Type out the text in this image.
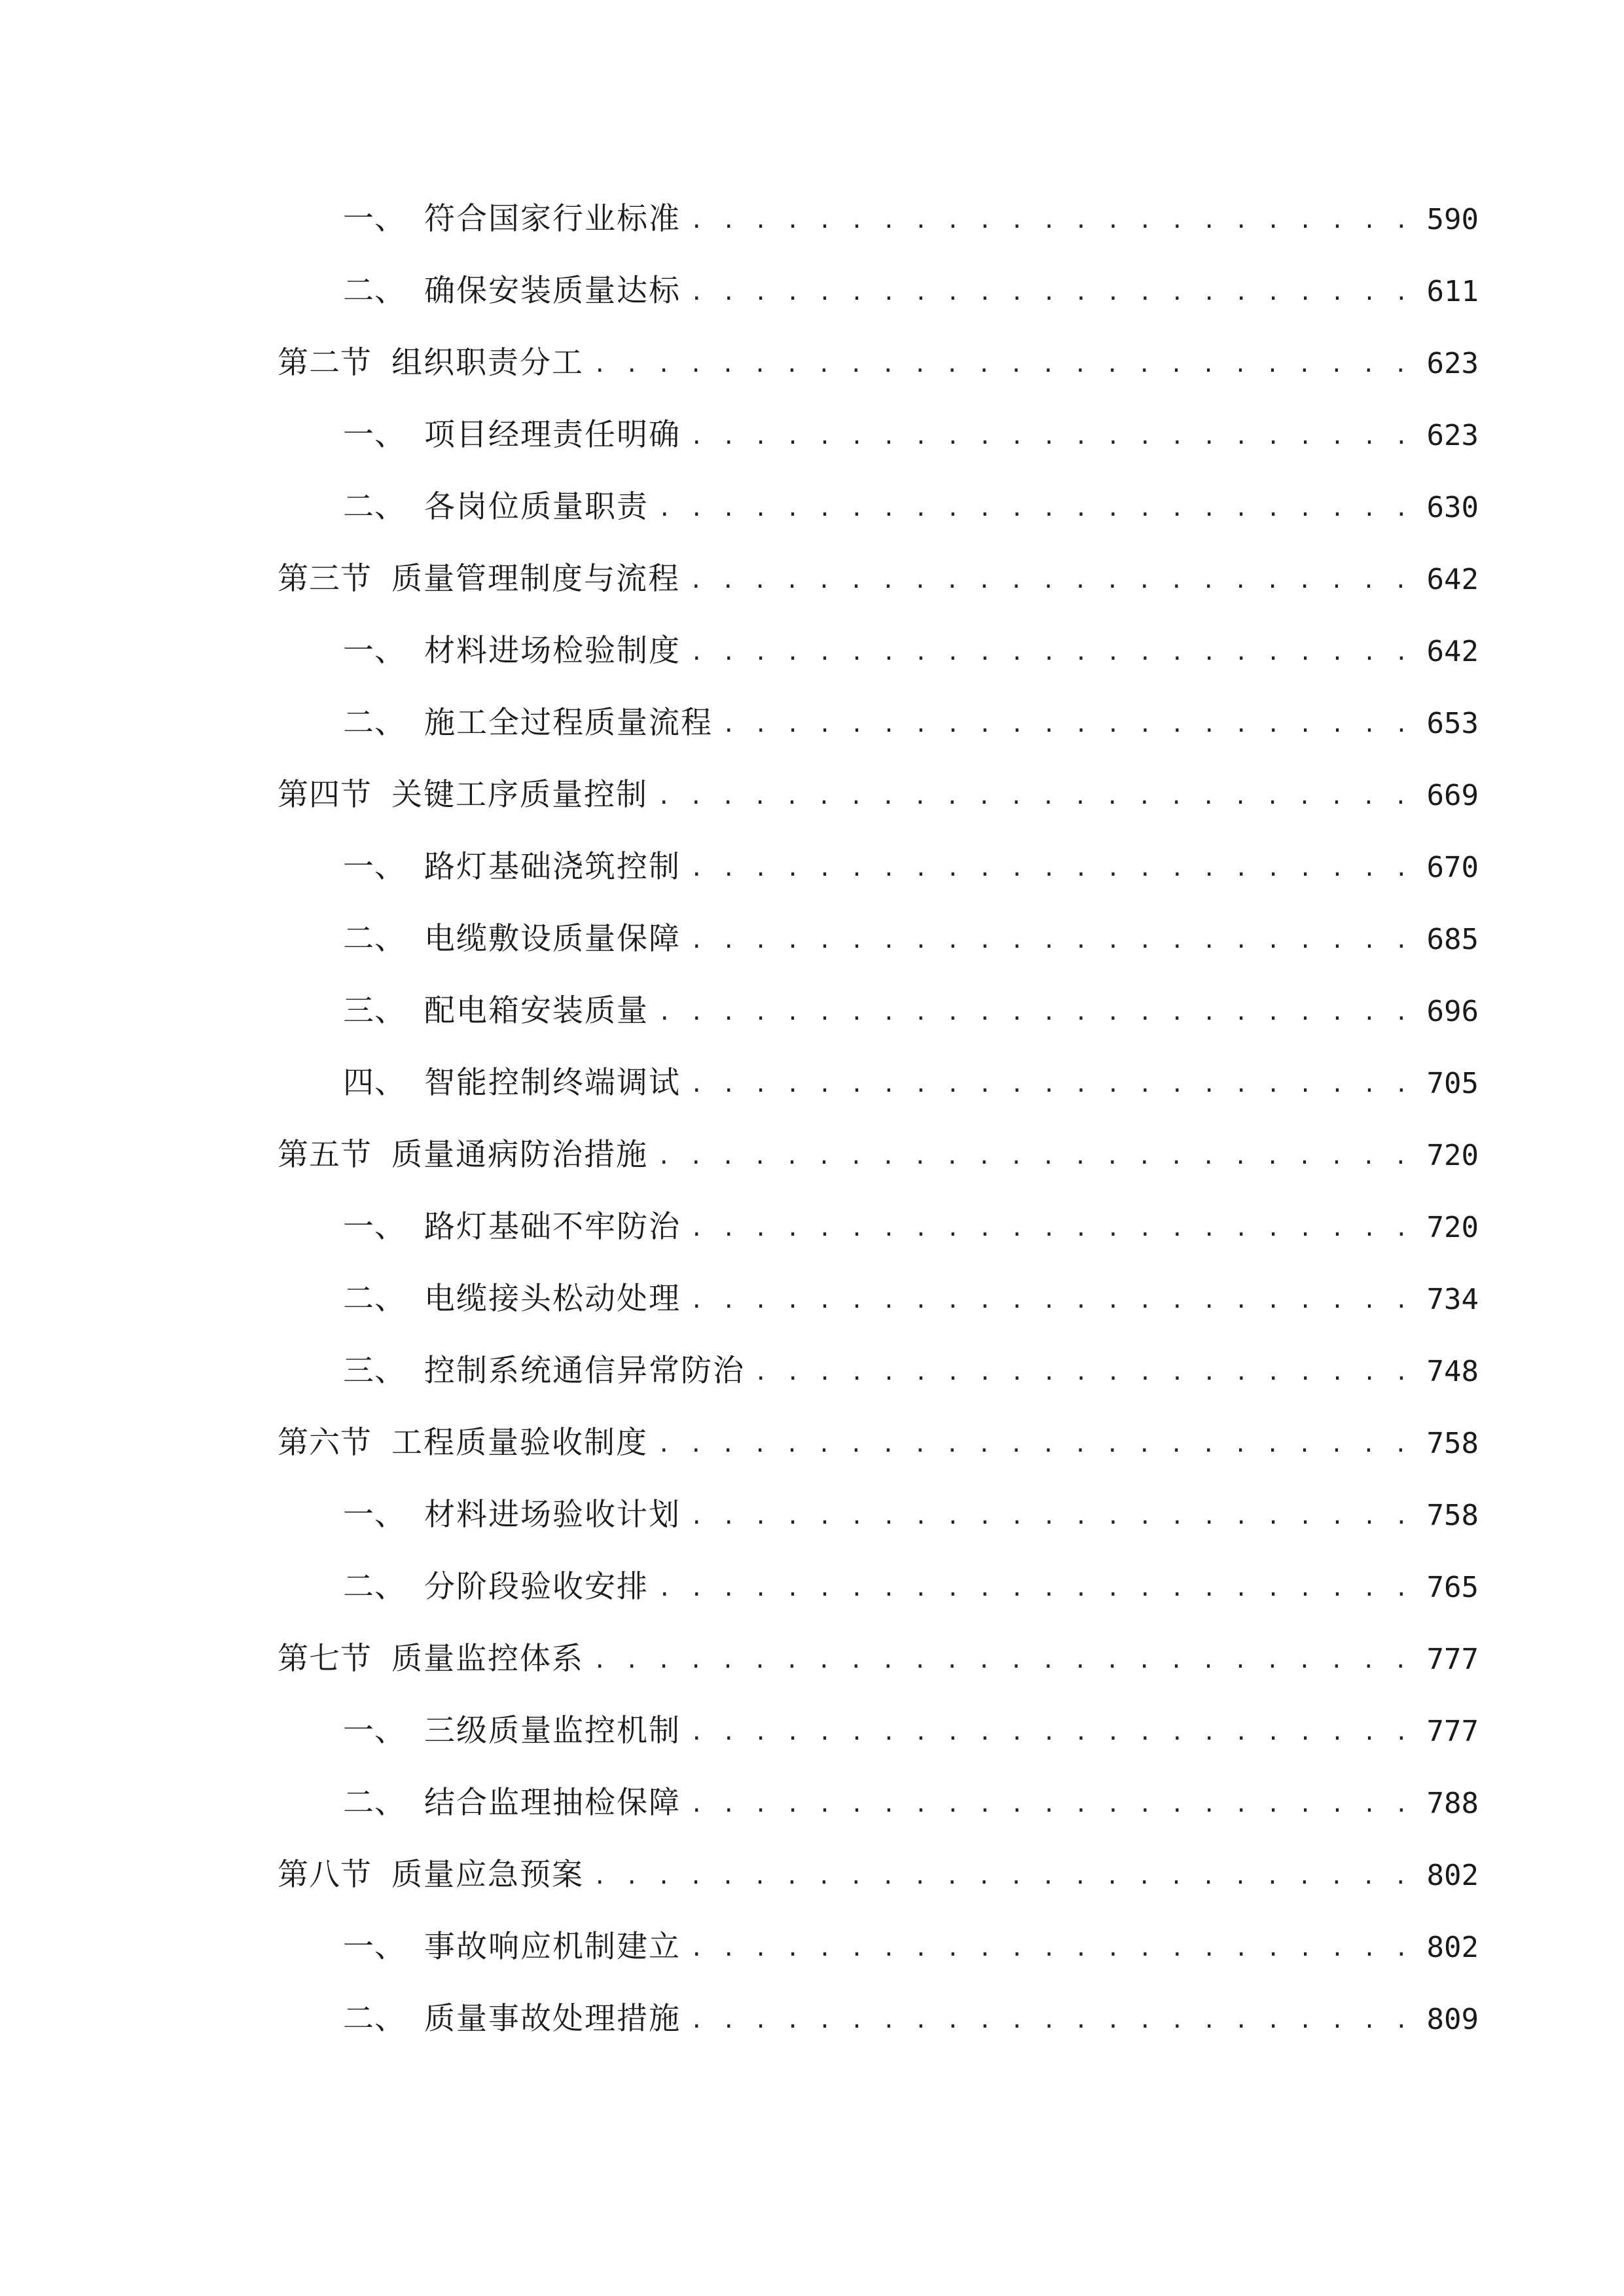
一、 符合国家行业标准 . . .	590
二、 确保安装质量达标 . . .	611
第二节 组织职责分工 . . .	623
一、 项目经理责任明确 . . .	623
二、 各岗位质量职责 . . .	630
第三节 质量管理制度与流程 . . .	642
一、 材料进场检验制度 . . .	642
二、 施工全过程质量流程 . . .	653
第四节 关键工序质量控制 . . .	669
一、 路灯基础浇筑控制 . . .	670
二、 电缆敷设质量保障 . . .	685
三、 配电箱安装质量 . . .	696
四、 智能控制终端调试 . . .	705
第五节 质量通病防治措施 . . .	720
一、 路灯基础不牢防治 . . .	720
二、 电缆接头松动处理 . . .	734
三、 控制系统通信异常防治 . . .	748
第六节 工程质量验收制度 . . .	758
一、 材料进场验收计划 . . .	758
二、 分阶段验收安排 . . .	765
第七节 质量监控体系 . . .	777
一、 三级质量监控机制 . . .	777
二、 结合监理抽检保障 . . .	788
第八节 质量应急预案 . . .	802
一、 事故响应机制建立 . . .	802
二、 质量事故处理措施 . . .	809
